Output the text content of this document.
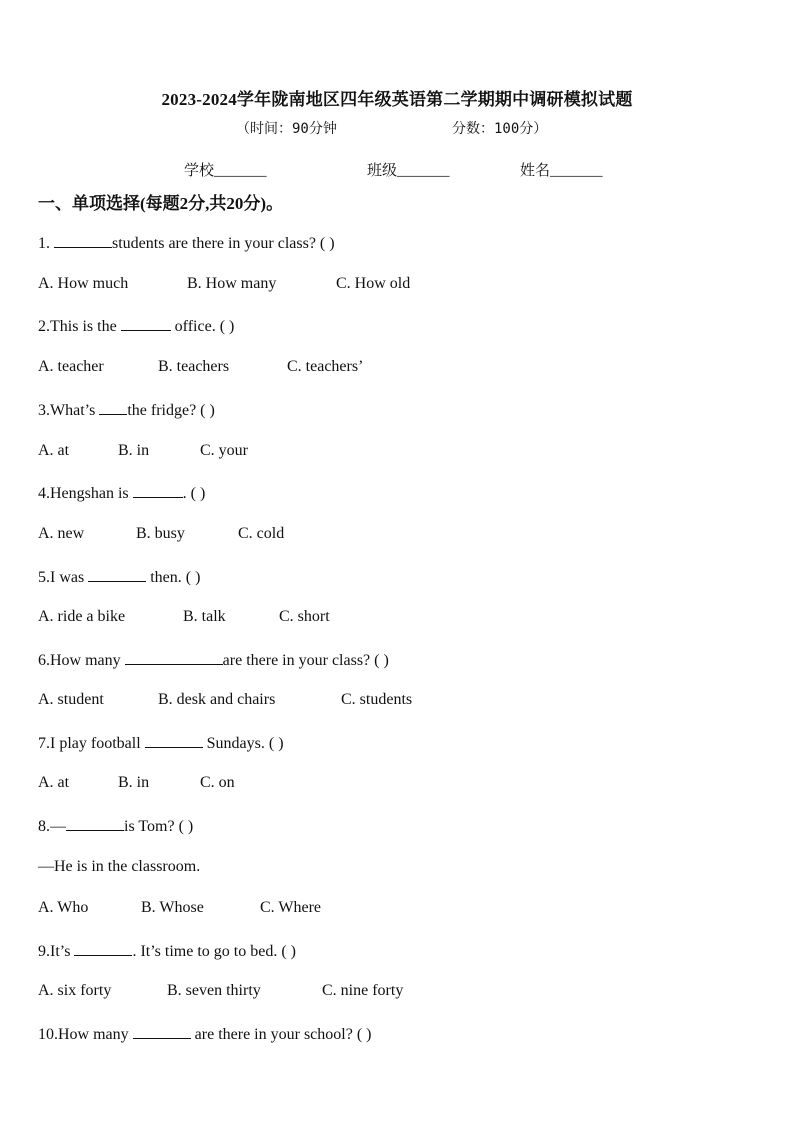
2023-2024学年陇南地区四年级英语第二学期期中调研模拟试题
（时间：90分钟	分数：100分）
学校_______	班级_______	姓名_______
一、单项选择(每题2分,共20分)。
1.	students are there in your class? ( )
A. How much	B. How many	C. How old
2.This is the	office. ( )
A. teacher	B. teachers	C. teachers’
3.What’s the fridge? ( )
A. at	B. in	C. your
4.Hengshan is	. ( )
A. new	B. busy	C. cold
5.I was	then. ( )
A. ride a bike	B. talk	C. short
6.How many	are there in your class? ( )
A. student	B. desk and chairs	C. students
7.I play football	Sundays. ( )
A. at	B. in	C. on
8.—	is Tom? ( )
—He is in the classroom.
A. Who	B. Whose	C. Where
9.It’s	. It’s time to go to bed. ( )
A. six forty	B. seven thirty	C. nine forty
10.How many	are there in your school? ( )
